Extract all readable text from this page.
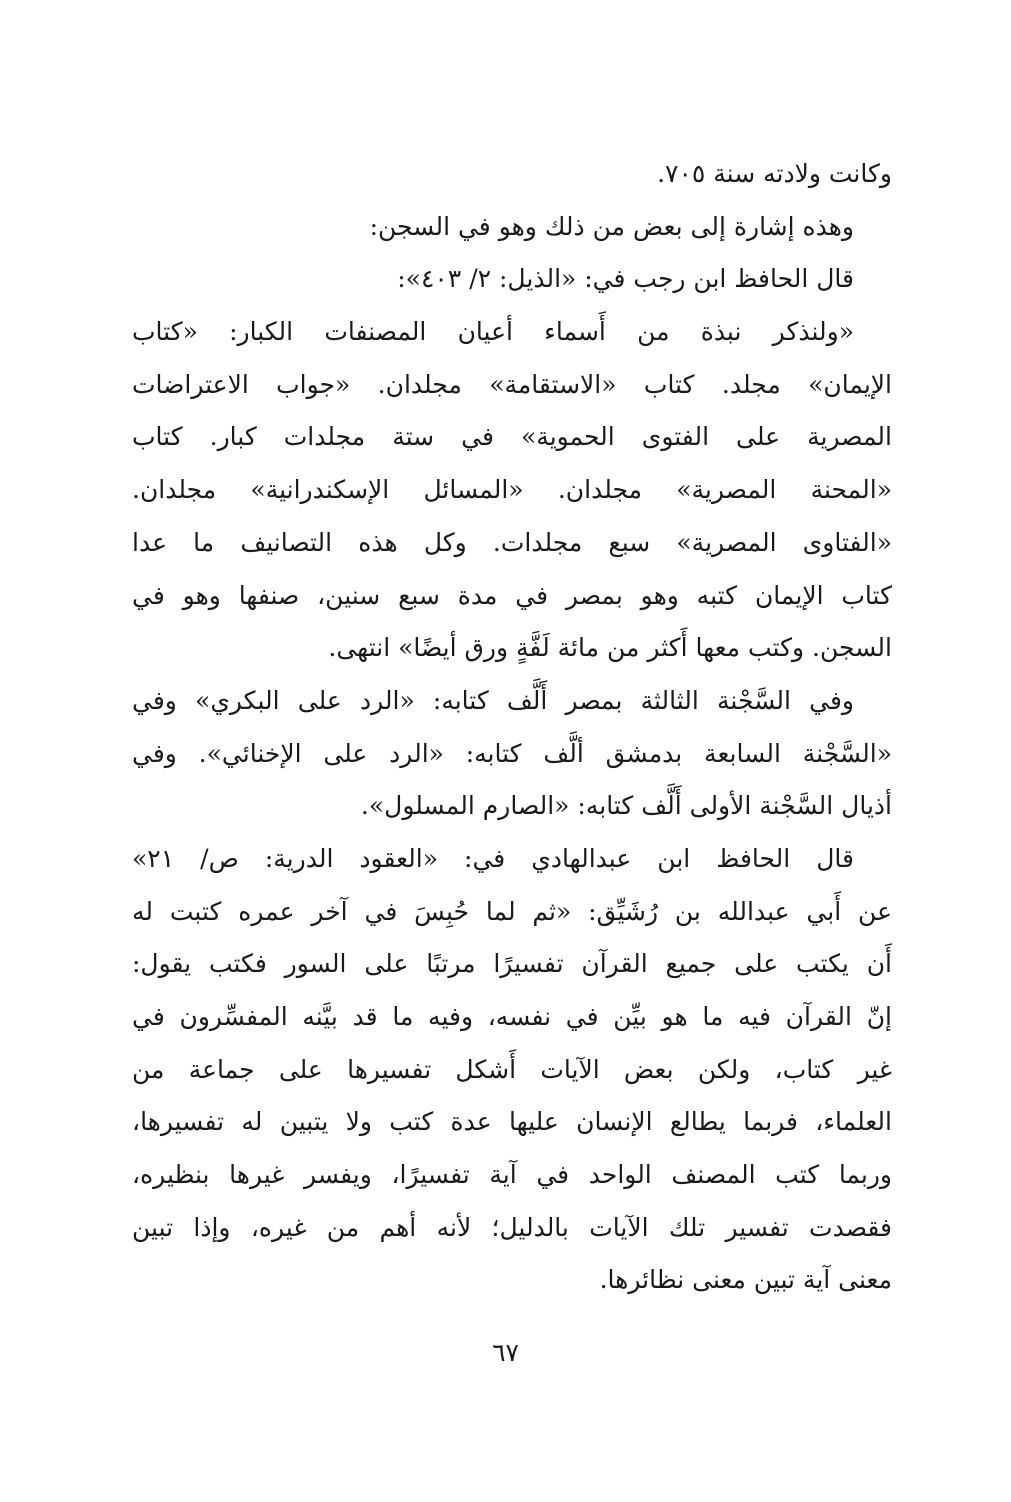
وكانت ولادته سنة ٧٠٥.
وهذه إشارة إلى بعض من ذلك وهو في السجن:
قال الحافظ ابن رجب في: «الذيل: ٢/ ٤٠٣»:
«ولنذكر نبذة من أَسماء أعيان المصنفات الكبار: «كتاب
الإيمان» مجلد. كتاب «الاستقامة» مجلدان. «جواب الاعتراضات
المصرية على الفتوى الحموية» في ستة مجلدات كبار. كتاب
«المحنة المصرية» مجلدان. «المسائل الإسكندرانية» مجلدان.
«الفتاوى المصرية» سبع مجلدات. وكل هذه التصانيف ما عدا
كتاب الإيمان كتبه وهو بمصر في مدة سبع سنين، صنفها وهو في
السجن. وكتب معها أَكثر من مائة لَفَّةٍ ورق أيضًا» انتهى.
وفي السَّجْنة الثالثة بمصر أَلَّف كتابه: «الرد على البكري» وفي
«السَّجْنة السابعة بدمشق ألَّف كتابه: «الرد على الإخنائي». وفي
أذيال السَّجْنة الأولى أَلَّف كتابه: «الصارم المسلول».
قال الحافظ ابن عبدالهادي في: «العقود الدرية: ص/ ٢١»
عن أَبي عبدالله بن رُشَيِّق: «ثم لما حُبِسَ في آخر عمره كتبت له
أَن يكتب على جميع القرآن تفسيرًا مرتبًا على السور فكتب يقول:
إنّ القرآن فيه ما هو بيِّن في نفسه، وفيه ما قد بيَّنه المفسِّرون في
غير كتاب، ولكن بعض الآيات أَشكل تفسيرها على جماعة من
العلماء، فربما يطالع الإنسان عليها عدة كتب ولا يتبين له تفسيرها،
وربما كتب المصنف الواحد في آية تفسيرًا، ويفسر غيرها بنظيره،
فقصدت تفسير تلك الآيات بالدليل؛ لأنه أهم من غيره، وإذا تبين
معنى آية تبين معنى نظائرها.
٦٧
